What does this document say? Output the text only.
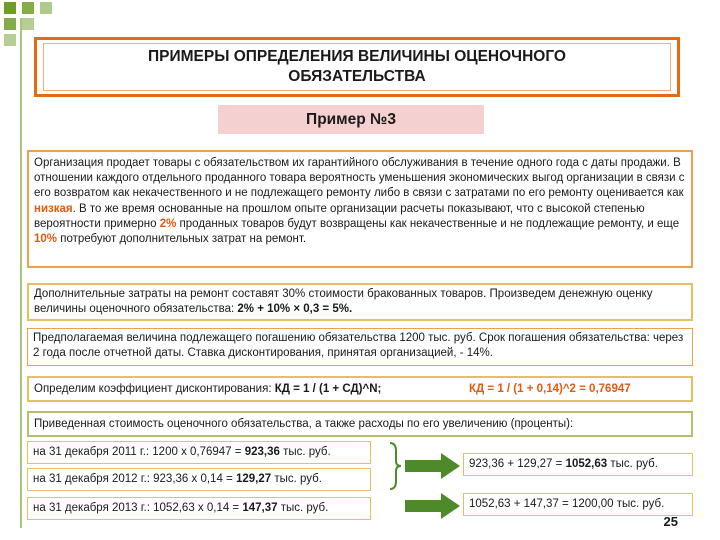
ПРИМЕРЫ ОПРЕДЕЛЕНИЯ ВЕЛИЧИНЫ ОЦЕНОЧНОГО
ОБЯЗАТЕЛЬСТВА
Пример №3
Организация продает товары с обязательством их гарантийного обслуживания в течение одного года с даты продажи. В отношении каждого отдельного проданного товара вероятность уменьшения экономических выгод организации в связи с его возвратом как некачественного и не подлежащего ремонту либо в связи с затратами по его ремонту оценивается как низкая. В то же время основанные на прошлом опыте организации расчеты показывают, что с высокой степенью вероятности примерно 2% проданных товаров будут возвращены как некачественные и не подлежащие ремонту, и еще 10% потребуют дополнительных затрат на ремонт.
Дополнительные затраты на ремонт составят 30% стоимости бракованных товаров. Произведем денежную оценку величины оценочного обязательства: 2% + 10% × 0,3 = 5%.
Предполагаемая величина подлежащего погашению обязательства 1200 тыс. руб. Срок погашения обязательства: через 2 года после отчетной даты. Ставка дисконтирования, принятая организацией, - 14%.
Определим коэффициент дисконтирования: КД = 1 / (1 + СД)^N;	КД = 1 / (1 + 0,14)^2 = 0,76947
Приведенная стоимость оценочного обязательства, а также расходы по его увеличению (проценты):
на 31 декабря 2011 г.: 1200 х 0,76947 = 923,36 тыс. руб.
на 31 декабря 2012 г.: 923,36 х 0,14 = 129,27 тыс. руб.
на 31 декабря 2013 г.: 1052,63 х 0,14 = 147,37 тыс. руб.
923,36 + 129,27 = 1052,63 тыс. руб.
1052,63 + 147,37 = 1200,00 тыс. руб.
25
